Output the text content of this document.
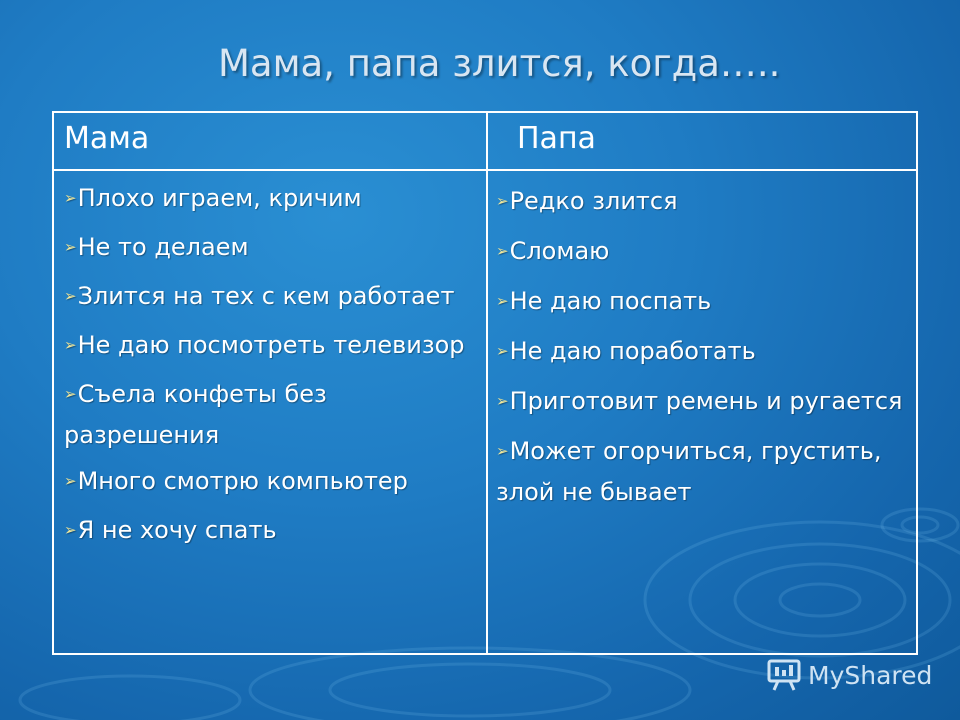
Мама, папа злится, когда…..
Мама	Папа
➢Плохо играем, кричим
➢Не то делаем
➢Злится на тех с кем работает
➢Не даю посмотреть телевизор
➢Съела конфеты без разрешения
➢Много смотрю компьютер
➢Я не хочу спать
➢Редко злится
➢Сломаю
➢Не даю поспать
➢Не даю поработать
➢Приготовит ремень и ругается
➢Может огорчиться, грустить, злой не бывает
MyShared
